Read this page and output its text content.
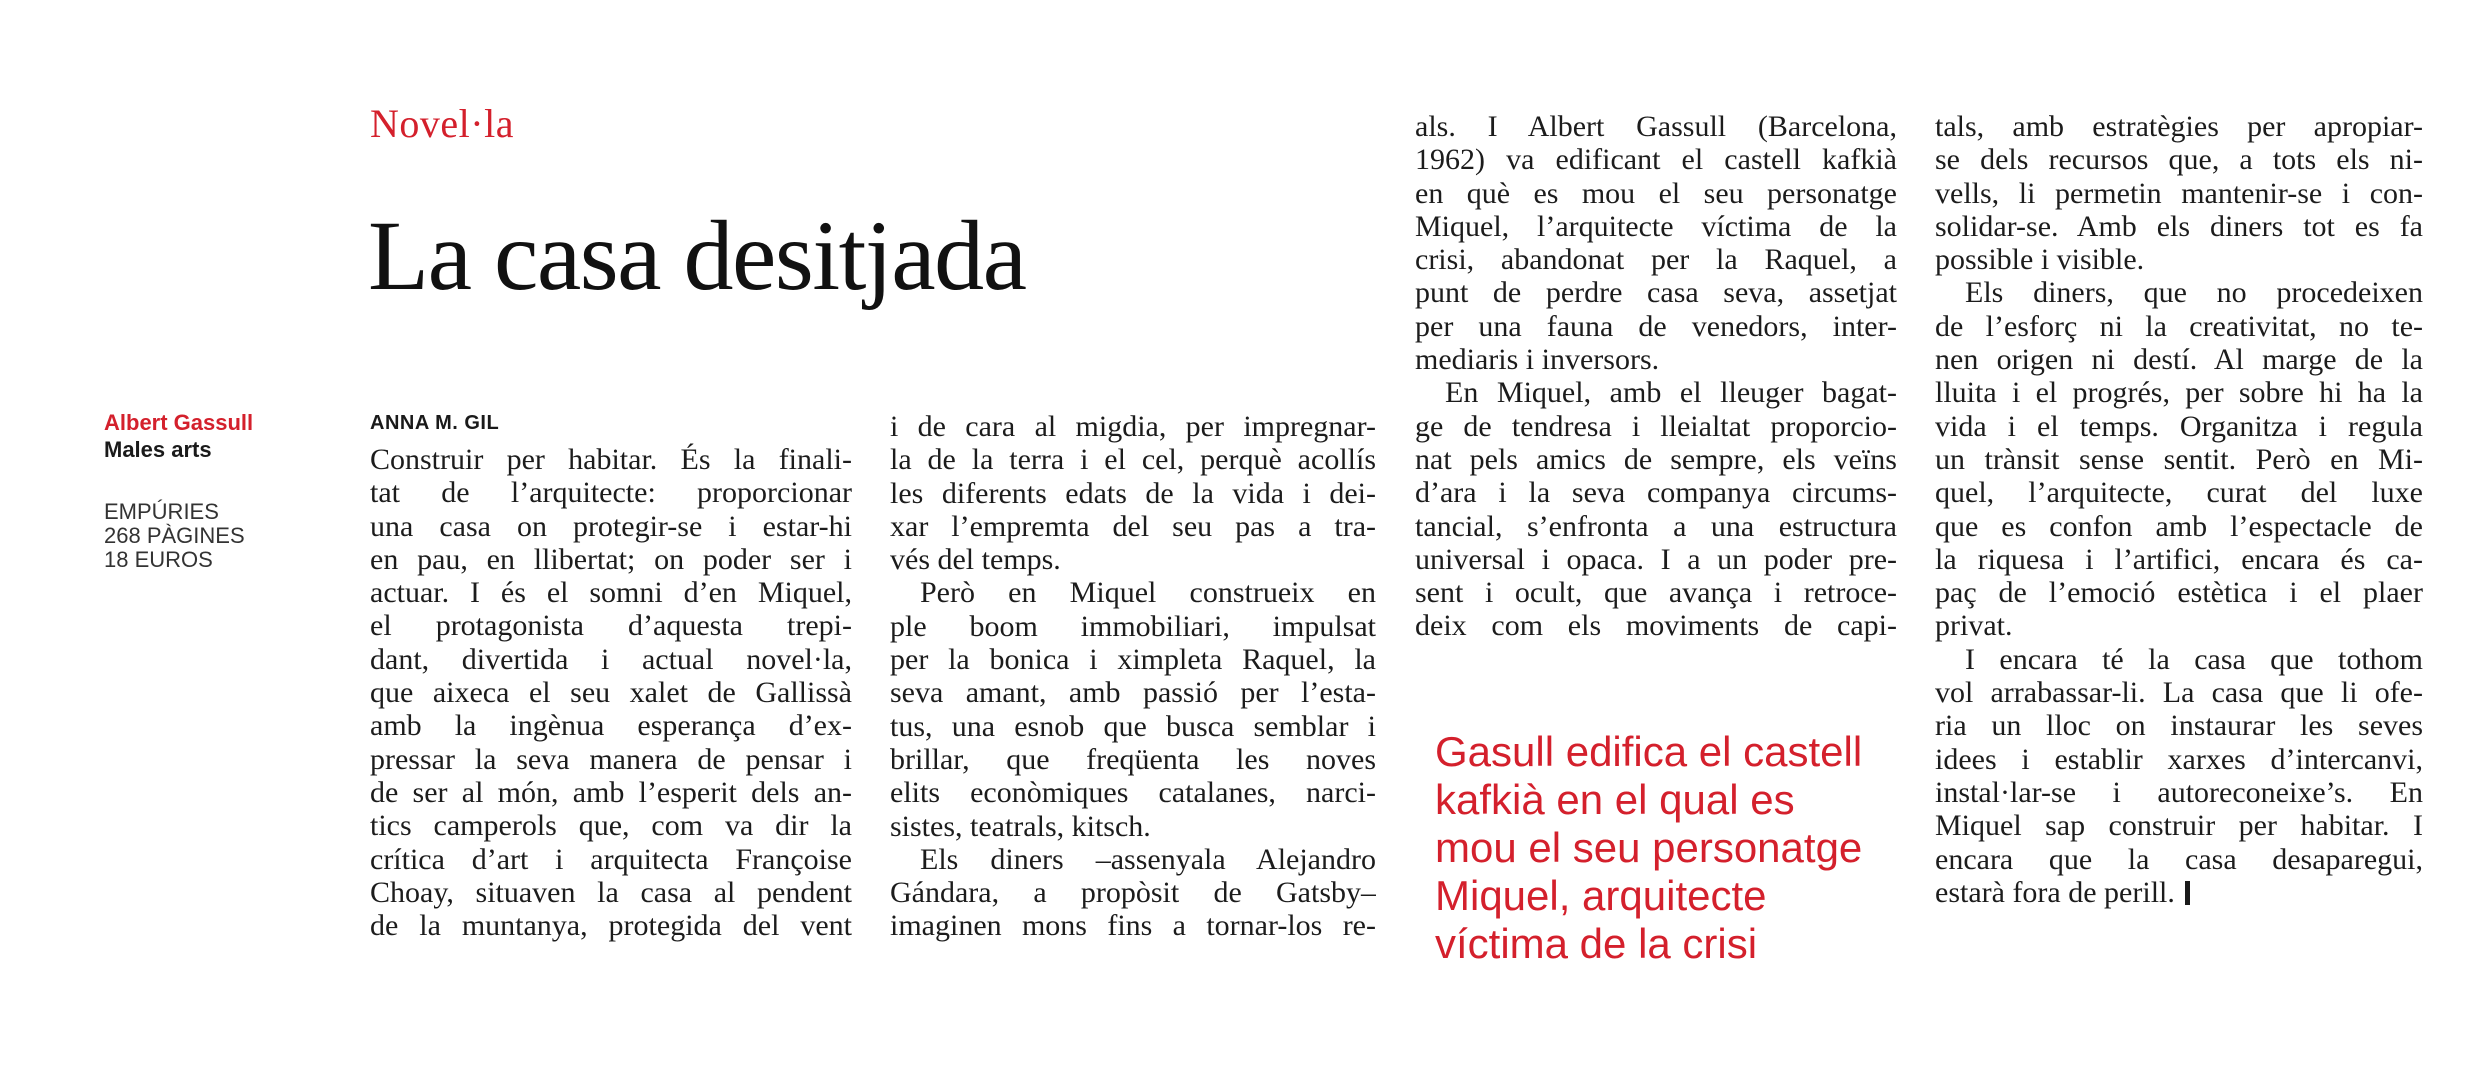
Novel·la
La casa desitjada
Albert Gassull
Males arts
EMPÚRIES
268 PÀGINES
18 EUROS
ANNA M. GIL
Construir per habitar. És la finali-
tat de l’arquitecte: proporcionar
una casa on protegir-se i estar-hi
en pau, en llibertat; on poder ser i
actuar. I és el somni d’en Miquel,
el protagonista d’aquesta trepi-
dant, divertida i actual novel·la,
que aixeca el seu xalet de Gallissà
amb la ingènua esperança d’ex-
pressar la seva manera de pensar i
de ser al món, amb l’esperit dels an-
tics camperols que, com va dir la
crítica d’art i arquitecta Françoise
Choay, situaven la casa al pendent
de la muntanya, protegida del vent
i de cara al migdia, per impregnar-
la de la terra i el cel, perquè acollís
les diferents edats de la vida i dei-
xar l’empremta del seu pas a tra-
vés del temps.
Però en Miquel construeix en
ple boom immobiliari, impulsat
per la bonica i ximpleta Raquel, la
seva amant, amb passió per l’esta-
tus, una esnob que busca semblar i
brillar, que freqüenta les noves
elits econòmiques catalanes, narci-
sistes, teatrals, kitsch.
Els diners –assenyala Alejandro
Gándara, a propòsit de Gatsby–
imaginen mons fins a tornar-los re-
als. I Albert Gassull (Barcelona,
1962) va edificant el castell kafkià
en què es mou el seu personatge
Miquel, l’arquitecte víctima de la
crisi, abandonat per la Raquel, a
punt de perdre casa seva, assetjat
per una fauna de venedors, inter-
mediaris i inversors.
En Miquel, amb el lleuger bagat-
ge de tendresa i lleialtat proporcio-
nat pels amics de sempre, els veïns
d’ara i la seva companya circums-
tancial, s’enfronta a una estructura
universal i opaca. I a un poder pre-
sent i ocult, que avança i retroce-
deix com els moviments de capi-
tals, amb estratègies per apropiar-
se dels recursos que, a tots els ni-
vells, li permetin mantenir-se i con-
solidar-se. Amb els diners tot es fa
possible i visible.
Els diners, que no procedeixen
de l’esforç ni la creativitat, no te-
nen origen ni destí. Al marge de la
lluita i el progrés, per sobre hi ha la
vida i el temps. Organitza i regula
un trànsit sense sentit. Però en Mi-
quel, l’arquitecte, curat del luxe
que es confon amb l’espectacle de
la riquesa i l’artifici, encara és ca-
paç de l’emoció estètica i el plaer
privat.
I encara té la casa que tothom
vol arrabassar-li. La casa que li ofe-
ria un lloc on instaurar les seves
idees i establir xarxes d’intercanvi,
instal·lar-se i autoreconeixe’s. En
Miquel sap construir per habitar. I
encara que la casa desaparegui,
estarà fora de perill.
Gasull edifica el castell
kafkià en el qual es
mou el seu personatge
Miquel, arquitecte
víctima de la crisi
